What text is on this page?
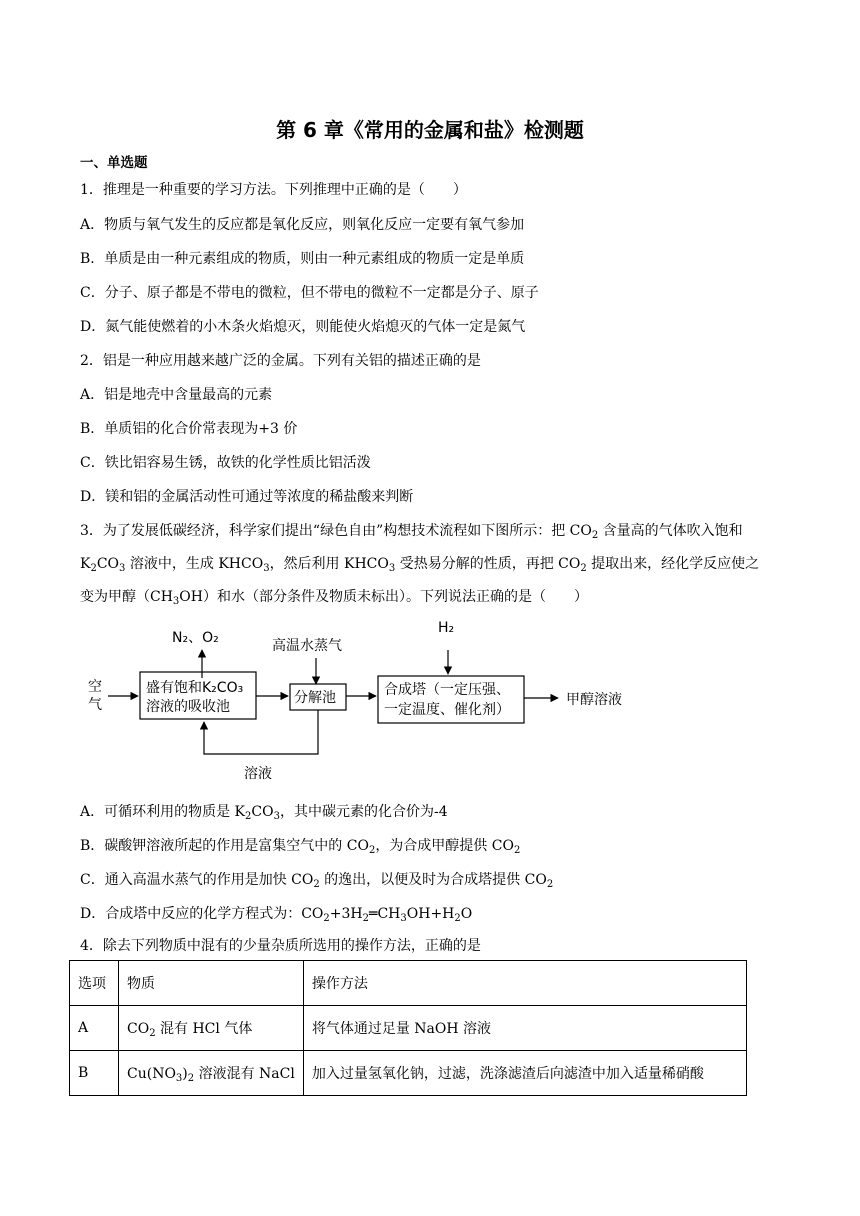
第 6 章《常用的金属和盐》检测题
一、单选题
1．推理是一种重要的学习方法。下列推理中正确的是（　　）
A．物质与氧气发生的反应都是氧化反应，则氧化反应一定要有氧气参加
B．单质是由一种元素组成的物质，则由一种元素组成的物质一定是单质
C．分子、原子都是不带电的微粒，但不带电的微粒不一定都是分子、原子
D．氮气能使燃着的小木条火焰熄灭，则能使火焰熄灭的气体一定是氮气
2．铝是一种应用越来越广泛的金属。下列有关铝的描述正确的是
A．铝是地壳中含量最高的元素
B．单质铝的化合价常表现为+3 价
C．铁比铝容易生锈，故铁的化学性质比铝活泼
D．镁和铝的金属活动性可通过等浓度的稀盐酸来判断
3．为了发展低碳经济，科学家们提出“绿色自由”构想技术流程如下图所示：把 $CO_2$ 含量高的气体吹入饱和
$K_2CO_3$ 溶液中，生成 $KHCO_3$，然后利用 $KHCO_3$ 受热易分解的性质，再把 $CO_2$ 提取出来，经化学反应使之
变为甲醇$(CH_3OH)$和水（部分条件及物质未标出）。下列说法正确的是（　　）
N₂、O₂	高温水蒸气
H₂
空
气
盛有饱和K₂CO₃
溶液的吸收池
分解池	合成塔（一定压强、
一定温度、催化剂）
甲醇溶液
溶液
A．可循环利用的物质是 $K_2CO_3$，其中碳元素的化合价为-4
B．碳酸钾溶液所起的作用是富集空气中的 $CO_2$，为合成甲醇提供 $CO_2$
C．通入高温水蒸气的作用是加快 $CO_2$ 的逸出，以便及时为合成塔提供 $CO_2$
D．合成塔中反应的化学方程式为：$CO_2+3H_2═CH_3OH+H_2O$
4．除去下列物质中混有的少量杂质所选用的操作方法，正确的是
选项	物质	操作方法
A	$CO_2$ 混有 HCl 气体	将气体通过足量 NaOH 溶液
B	$Cu(NO_3)_2$ 溶液混有 NaCl	加入过量氢氧化钠，过滤，洗涤滤渣后向滤渣中加入适量稀硝酸
